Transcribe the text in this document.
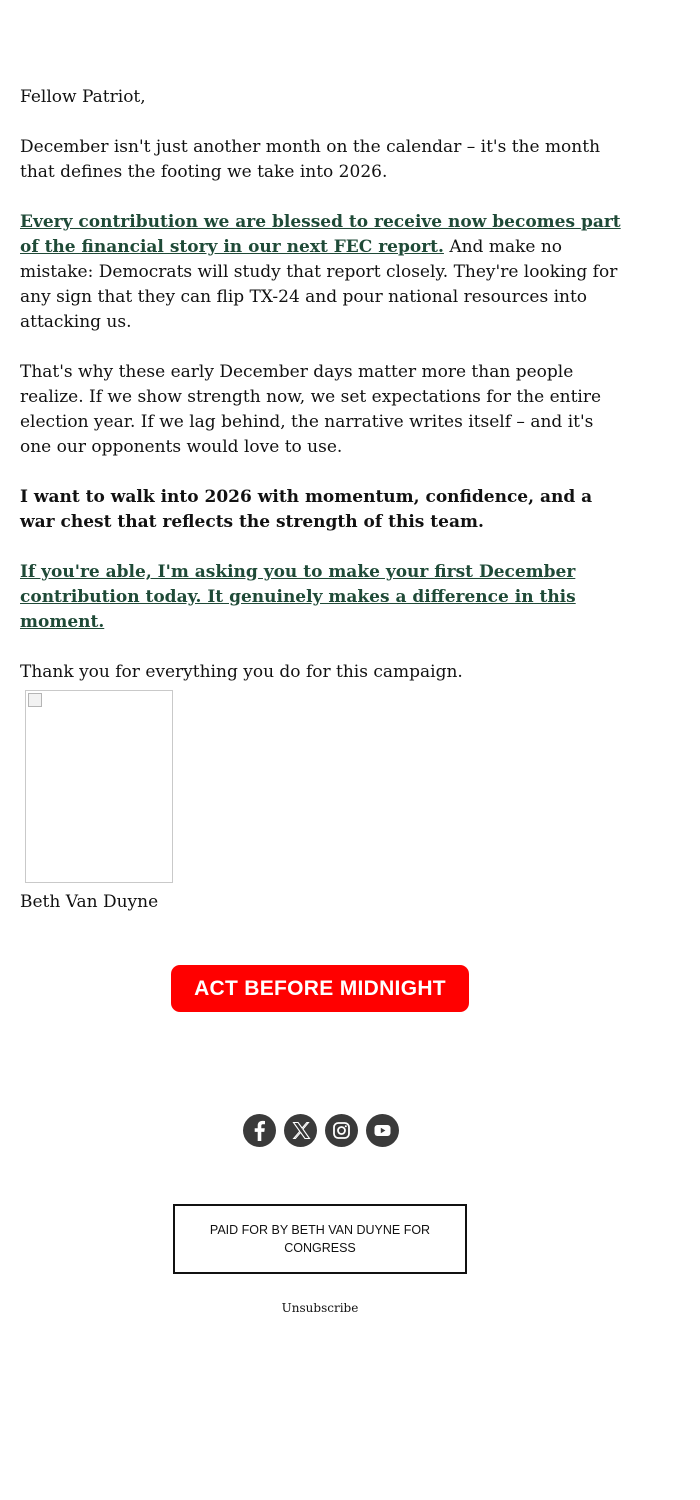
Fellow Patriot,

December isn't just another month on the calendar – it's the month that defines the footing we take into 2026.

Every contribution we are blessed to receive now becomes part of the financial story in our next FEC report. And make no mistake: Democrats will study that report closely. They're looking for any sign that they can flip TX-24 and pour national resources into attacking us.

That's why these early December days matter more than people realize. If we show strength now, we set expectations for the entire election year. If we lag behind, the narrative writes itself – and it's one our opponents would love to use.

I want to walk into 2026 with momentum, confidence, and a war chest that reflects the strength of this team.

If you're able, I'm asking you to make your first December contribution today. It genuinely makes a difference in this moment.

Thank you for everything you do for this campaign.

Beth Van Duyne
ACT BEFORE MIDNIGHT
PAID FOR BY BETH VAN DUYNE FOR CONGRESS
Unsubscribe
